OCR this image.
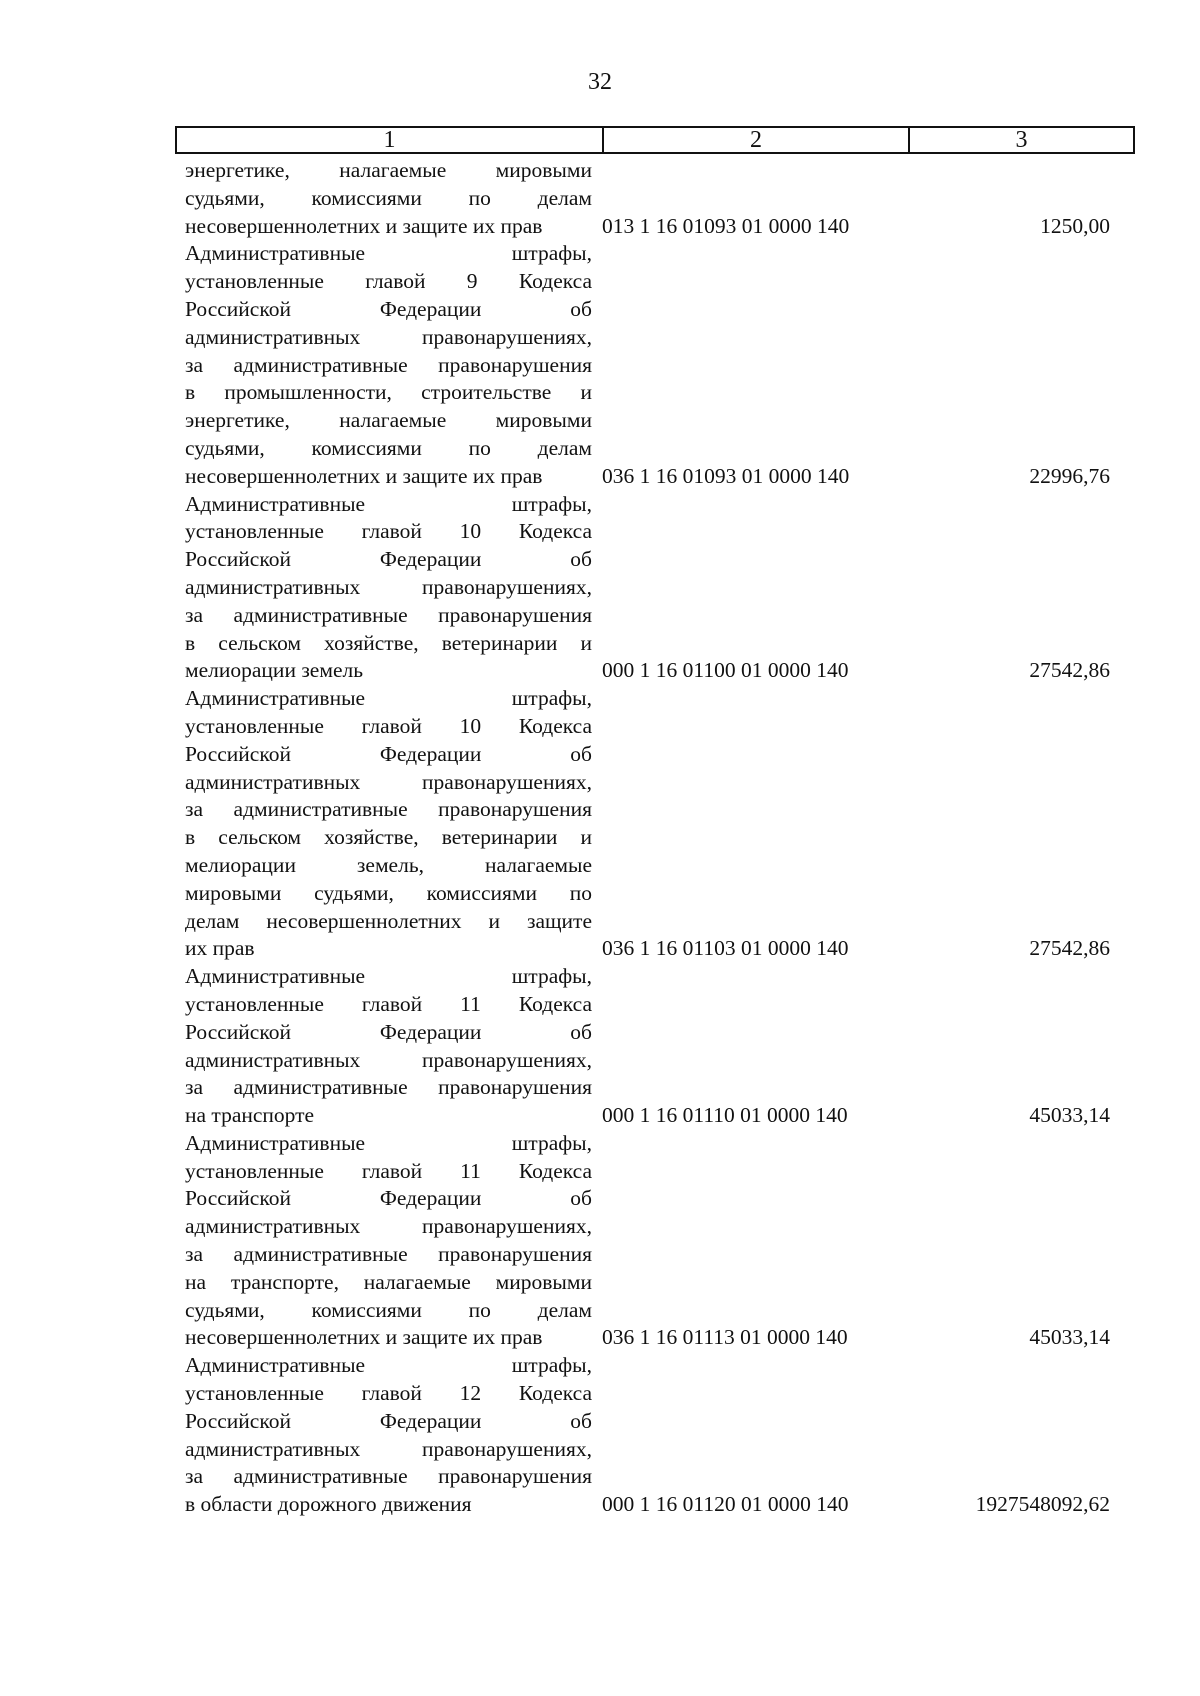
32
1	2	3
энергетике, налагаемые мировыми
судьями, комиссиями по делам
несовершеннолетних и защите их прав	013 1 16 01093 01 0000 140	1250,00
Административные штрафы,
установленные главой 9 Кодекса
Российской Федерации об
административных правонарушениях,
за административные правонарушения
в промышленности, строительстве и
энергетике, налагаемые мировыми
судьями, комиссиями по делам
несовершеннолетних и защите их прав	036 1 16 01093 01 0000 140	22996,76
Административные штрафы,
установленные главой 10 Кодекса
Российской Федерации об
административных правонарушениях,
за административные правонарушения
в сельском хозяйстве, ветеринарии и
мелиорации земель	000 1 16 01100 01 0000 140	27542,86
Административные штрафы,
установленные главой 10 Кодекса
Российской Федерации об
административных правонарушениях,
за административные правонарушения
в сельском хозяйстве, ветеринарии и
мелиорации земель, налагаемые
мировыми судьями, комиссиями по
делам несовершеннолетних и защите
их прав	036 1 16 01103 01 0000 140	27542,86
Административные штрафы,
установленные главой 11 Кодекса
Российской Федерации об
административных правонарушениях,
за административные правонарушения
на транспорте	000 1 16 01110 01 0000 140	45033,14
Административные штрафы,
установленные главой 11 Кодекса
Российской Федерации об
административных правонарушениях,
за административные правонарушения
на транспорте, налагаемые мировыми
судьями, комиссиями по делам
несовершеннолетних и защите их прав	036 1 16 01113 01 0000 140	45033,14
Административные штрафы,
установленные главой 12 Кодекса
Российской Федерации об
административных правонарушениях,
за административные правонарушения
в области дорожного движения	000 1 16 01120 01 0000 140	1927548092,62
